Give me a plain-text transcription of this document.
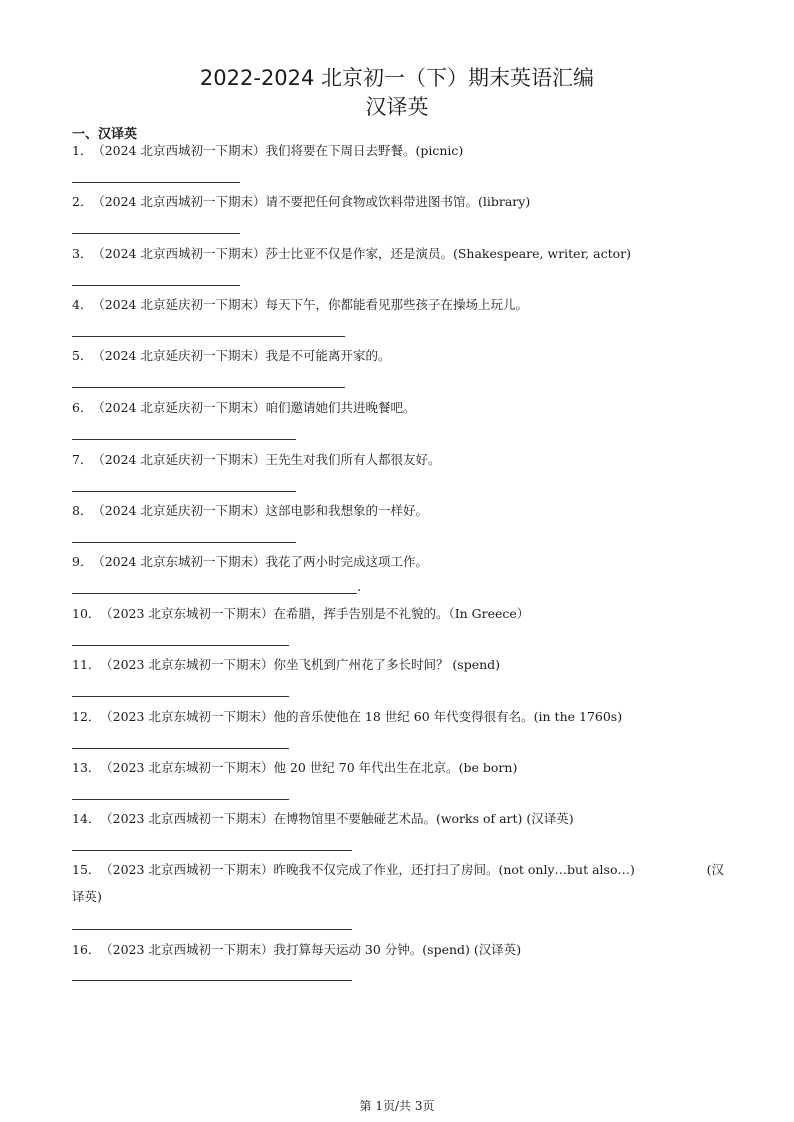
2022-2024 北京初一（下）期末英语汇编
汉译英
一、汉译英
1． （2024 北京西城初一下期末）我们将要在下周日去野餐。(picnic)
2． （2024 北京西城初一下期末）请不要把任何食物或饮料带进图书馆。(library)
3． （2024 北京西城初一下期末）莎士比亚不仅是作家，还是演员。(Shakespeare, writer, actor)
4． （2024 北京延庆初一下期末）每天下午，你都能看见那些孩子在操场上玩儿。
5． （2024 北京延庆初一下期末）我是不可能离开家的。
6． （2024 北京延庆初一下期末）咱们邀请她们共进晚餐吧。
7． （2024 北京延庆初一下期末）王先生对我们所有人都很友好。
8． （2024 北京延庆初一下期末）这部电影和我想象的一样好。
9． （2024 北京东城初一下期末）我花了两小时完成这项工作。
.
10． （2023 北京东城初一下期末）在希腊，挥手告别是不礼貌的。（In Greece）
11． （2023 北京东城初一下期末）你坐飞机到广州花了多长时间？ (spend)
12． （2023 北京东城初一下期末）他的音乐使他在 18 世纪 60 年代变得很有名。(in the 1760s)
13． （2023 北京东城初一下期末）他 20 世纪 70 年代出生在北京。(be born)
14． （2023 北京西城初一下期末）在博物馆里不要触碰艺术品。(works of art) (汉译英)
(汉
15． （2023 北京西城初一下期末）昨晚我不仅完成了作业，还打扫了房间。(not only…but also…)
译英)
16． （2023 北京西城初一下期末）我打算每天运动 30 分钟。(spend) (汉译英)
第 1页/共 3页
